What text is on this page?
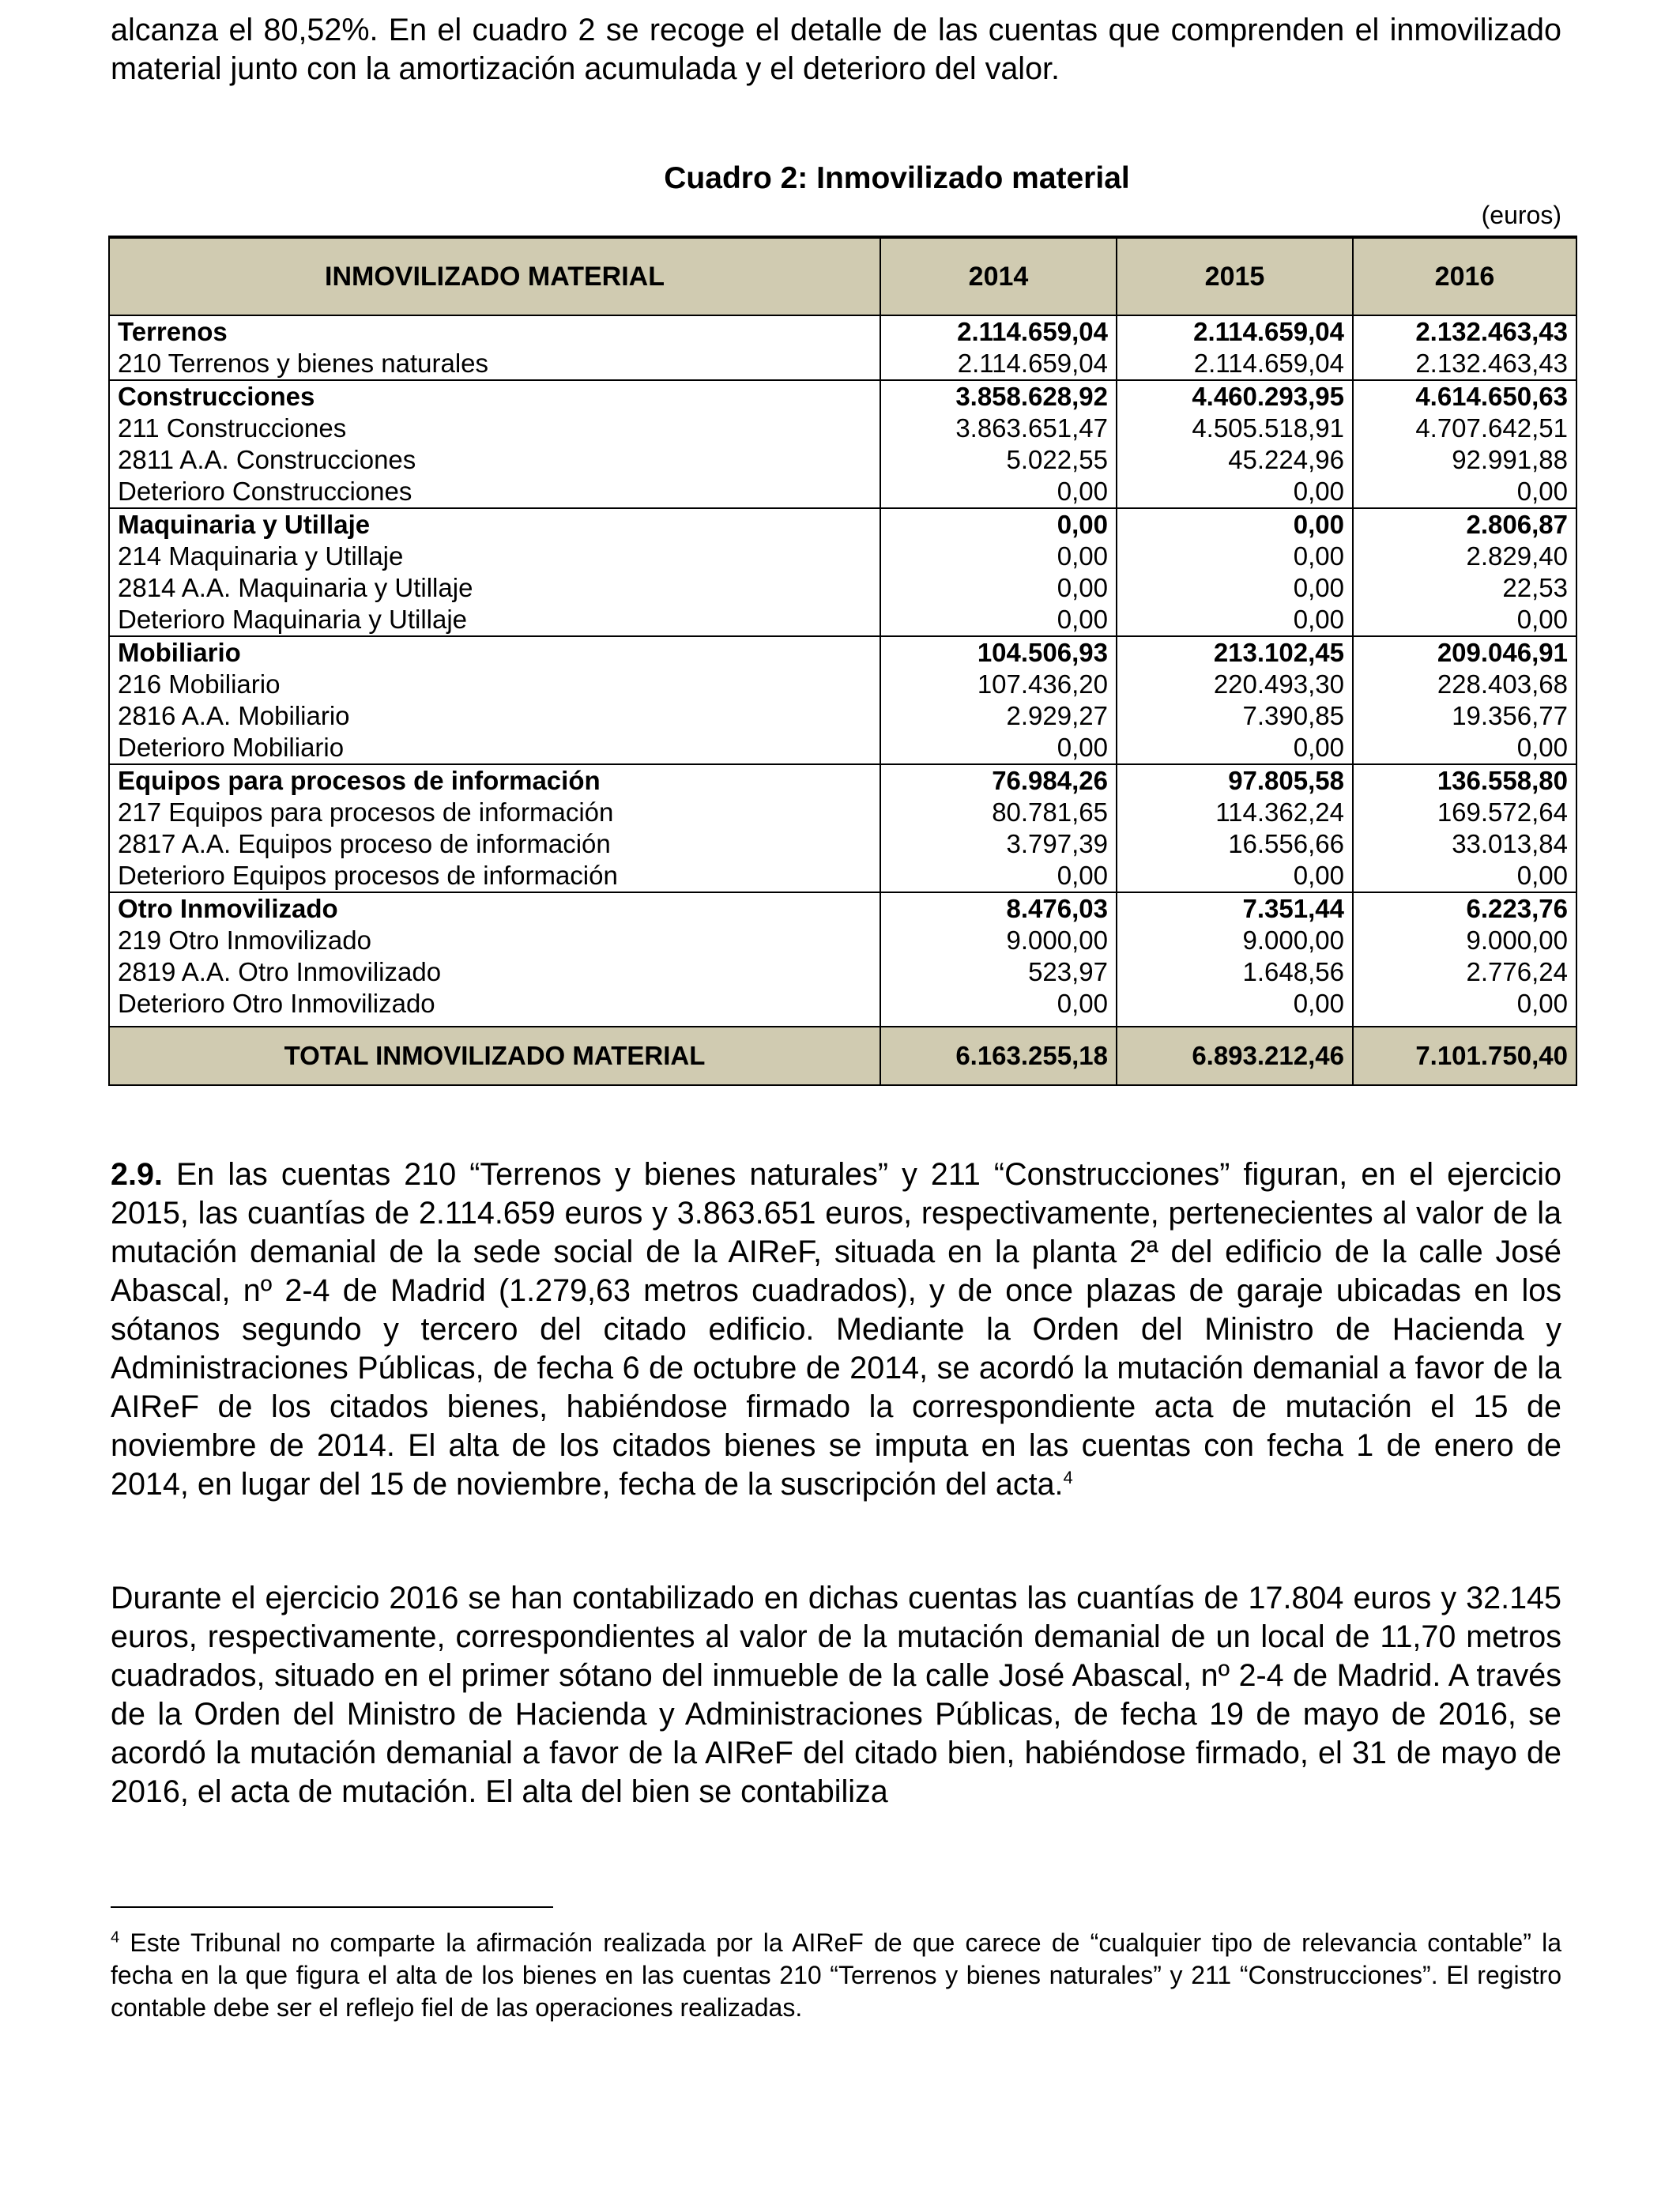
alcanza el 80,52%. En el cuadro 2 se recoge el detalle de las cuentas que comprenden el inmovilizado material junto con la amortización acumulada y el deterioro del valor.

Cuadro 2: Inmovilizado material

(euros)
INMOVILIZADO MATERIAL	2014	2015	2016
Terrenos	2.114.659,04	2.114.659,04	2.132.463,43
210 Terrenos y bienes naturales	2.114.659,04	2.114.659,04	2.132.463,43
Construcciones	3.858.628,92	4.460.293,95	4.614.650,63
211 Construcciones	3.863.651,47	4.505.518,91	4.707.642,51
2811 A.A. Construcciones	5.022,55	45.224,96	92.991,88
Deterioro Construcciones	0,00	0,00	0,00
Maquinaria y Utillaje	0,00	0,00	2.806,87
214 Maquinaria y Utillaje	0,00	0,00	2.829,40
2814 A.A. Maquinaria y Utillaje	0,00	0,00	22,53
Deterioro Maquinaria y Utillaje	0,00	0,00	0,00
Mobiliario	104.506,93	213.102,45	209.046,91
216 Mobiliario	107.436,20	220.493,30	228.403,68
2816 A.A. Mobiliario	2.929,27	7.390,85	19.356,77
Deterioro Mobiliario	0,00	0,00	0,00
Equipos para procesos de información	76.984,26	97.805,58	136.558,80
217 Equipos para procesos de información	80.781,65	114.362,24	169.572,64
2817 A.A. Equipos proceso de información	3.797,39	16.556,66	33.013,84
Deterioro Equipos procesos de información	0,00	0,00	0,00
Otro Inmovilizado	8.476,03	7.351,44	6.223,76
219 Otro Inmovilizado	9.000,00	9.000,00	9.000,00
2819 A.A. Otro Inmovilizado	523,97	1.648,56	2.776,24
Deterioro Otro Inmovilizado	0,00	0,00	0,00

TOTAL INMOVILIZADO MATERIAL	6.163.255,18	6.893.212,46	7.101.750,40

2.9. En las cuentas 210 “Terrenos y bienes naturales” y 211 “Construcciones” figuran, en el ejercicio 2015, las cuantías de 2.114.659 euros y 3.863.651 euros, respectivamente, pertenecientes al valor de la mutación demanial de la sede social de la AIReF, situada en la planta 2ª del edificio de la calle José Abascal, nº 2-4 de Madrid (1.279,63 metros cuadrados), y de once plazas de garaje ubicadas en los sótanos segundo y tercero del citado edificio. Mediante la Orden del Ministro de Hacienda y Administraciones Públicas, de fecha 6 de octubre de 2014, se acordó la mutación demanial a favor de la AIReF de los citados bienes, habiéndose firmado la correspondiente acta de mutación el 15 de noviembre de 2014. El alta de los citados bienes se imputa en las cuentas con fecha 1 de enero de 2014, en lugar del 15 de noviembre, fecha de la suscripción del acta.$^4$

Durante el ejercicio 2016 se han contabilizado en dichas cuentas las cuantías de 17.804 euros y 32.145 euros, respectivamente, correspondientes al valor de la mutación demanial de un local de 11,70 metros cuadrados, situado en el primer sótano del inmueble de la calle José Abascal, nº 2-4 de Madrid. A través de la Orden del Ministro de Hacienda y Administraciones Públicas, de fecha 19 de mayo de 2016, se acordó la mutación demanial a favor de la AIReF del citado bien, habiéndose firmado, el 31 de mayo de 2016, el acta de mutación. El alta del bien se contabiliza

$^4$ Este Tribunal no comparte la afirmación realizada por la AIReF de que carece de “cualquier tipo de relevancia contable” la fecha en la que figura el alta de los bienes en las cuentas 210 “Terrenos y bienes naturales” y 211 “Construcciones”. El registro contable debe ser el reflejo fiel de las operaciones realizadas.
